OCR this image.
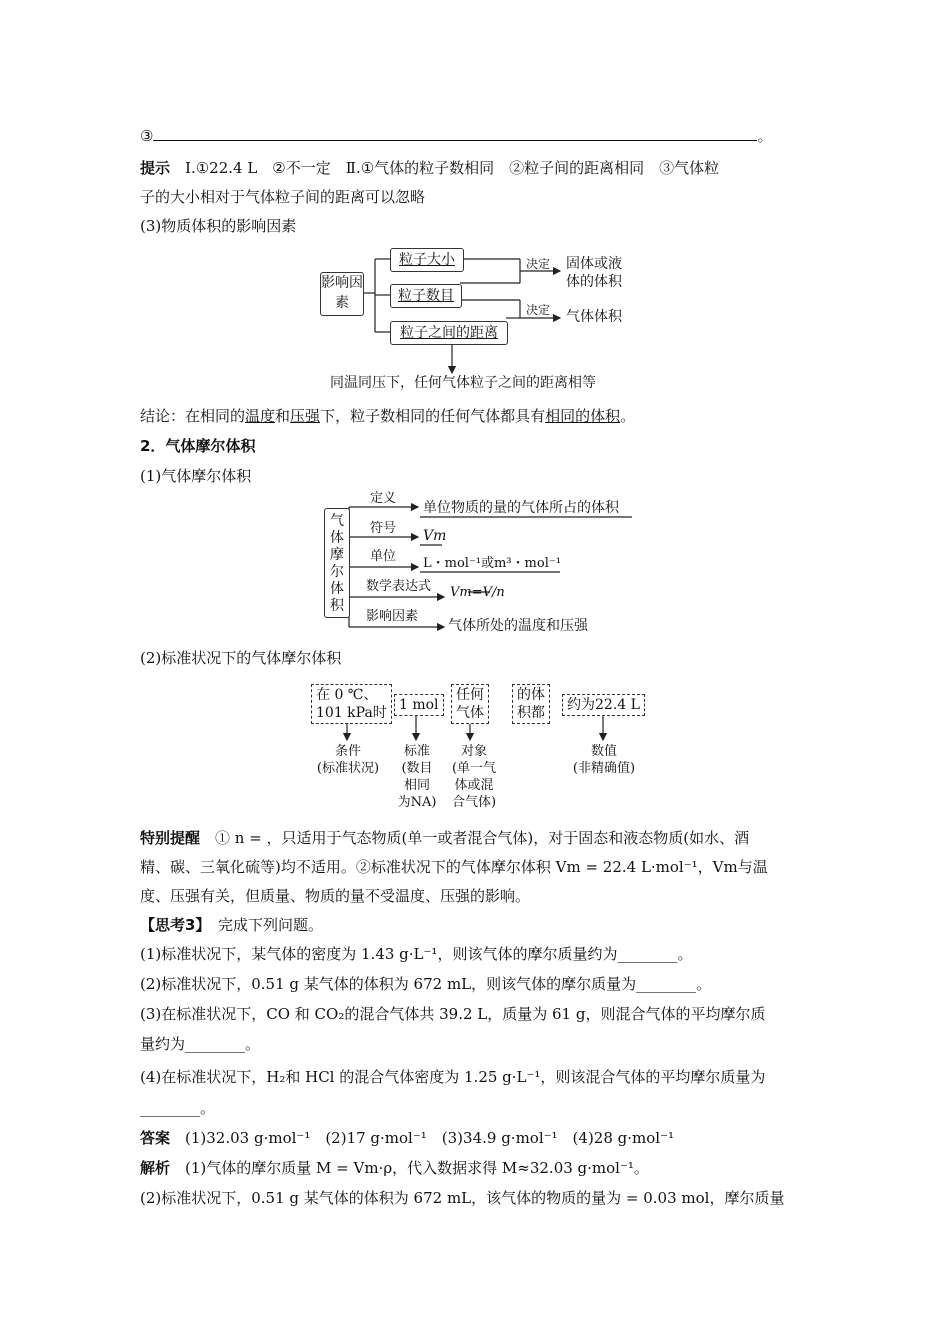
③	。
提示　 Ⅰ.①22.4 L　②不一定　Ⅱ.①气体的粒子数相同　②粒子间的距离相同　③气体粒
子的大小相对于气体粒子间的距离可以忽略
(3)物质体积的影响因素
影响因素
粒子大小
粒子数目
粒子之间的距离
决定
决定
固体或液
体的体积
气体体积
同温同压下，任何气体粒子之间的距离相等
结论：在相同的温度和压强下，粒子数相同的任何气体都具有相同的体积。
2．气体摩尔体积
(1)气体摩尔体积
气
体
摩
尔
体
积
定义
单位物质的量的气体所占的体积
符号 Vm
单位 L・mol⁻¹或m³・mol⁻¹
数学表达式 Vm=V/n
影响因素
气体所处的温度和压强
(2)标准状况下的气体摩尔体积
在 0 ℃、
101 kPa时 1 mol
任何
气体
的体
积都	约为22.4 L
条件
(标准状况)
标准
(数目
相同
为NA)
对象
(单一气
体或混
合气体)
数值
(非精确值)
特别提醒　① n = ，只适用于气态物质(单一或者混合气体)，对于固态和液态物质(如水、酒
精、碳、三氧化硫等)均不适用。②标准状况下的气体摩尔体积 Vm = 22.4 L·mol⁻¹，Vm与温
度、压强有关，但质量、物质的量不受温度、压强的影响。
【思考3】　完成下列问题。
(1)标准状况下，某气体的密度为 1.43 g·L⁻¹，则该气体的摩尔质量约为________。
(2)标准状况下，0.51 g 某气体的体积为 672 mL，则该气体的摩尔质量为________。
(3)在标准状况下，CO 和 CO₂的混合气体共 39.2 L，质量为 61 g，则混合气体的平均摩尔质
量约为________。
(4)在标准状况下，H₂和 HCl 的混合气体密度为 1.25 g·L⁻¹，则该混合气体的平均摩尔质量为
________。
答案　(1)32.03 g·mol⁻¹　(2)17 g·mol⁻¹　(3)34.9 g·mol⁻¹　(4)28 g·mol⁻¹
解析　(1)气体的摩尔质量 M = Vm·ρ，代入数据求得 M≈32.03 g·mol⁻¹。
(2)标准状况下，0.51 g 某气体的体积为 672 mL，该气体的物质的量为 = 0.03 mol，摩尔质量
